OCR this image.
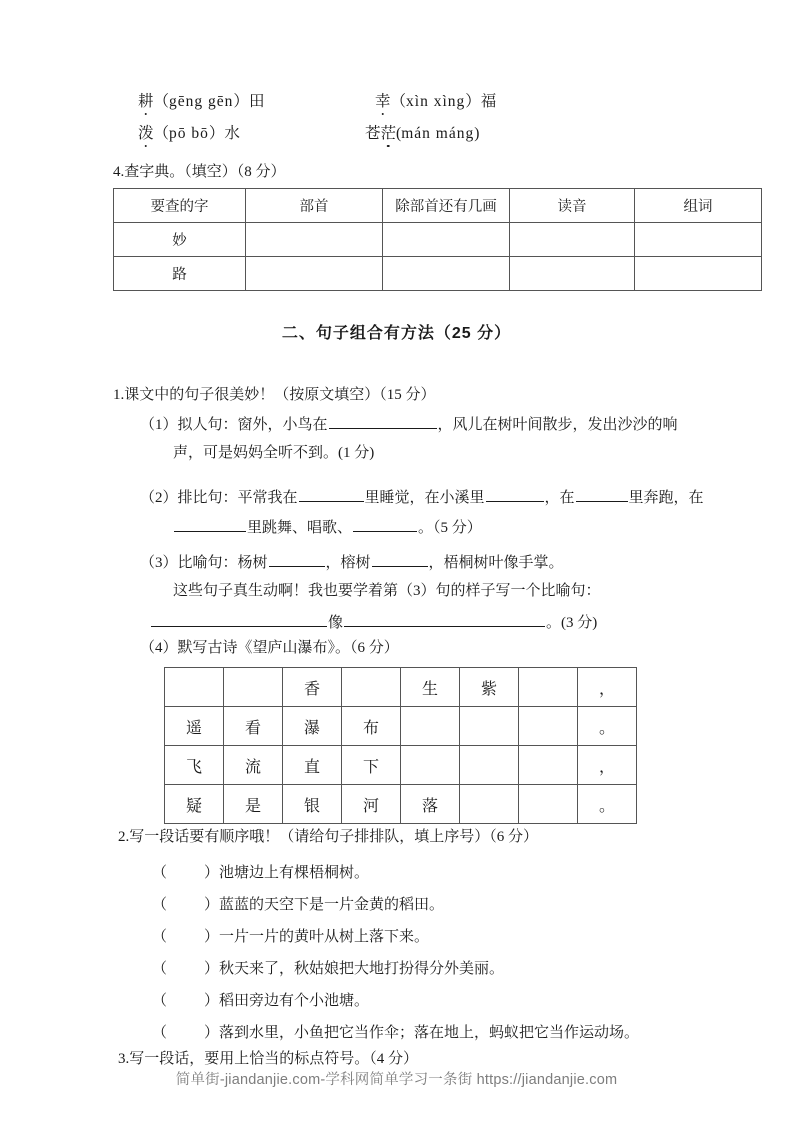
耕（gēng gēn）田	幸（xìn xìng）福
泼（pō bō）水	苍茫(mán máng)
4.查字典。（填空）（8 分）
要查的字	部首	除部首还有几画	读音	组词
妙				
路				
二、句子组合有方法（25 分）
1.课文中的句子很美妙！（按原文填空）（15 分）
（1）拟人句：窗外，小鸟在	，风儿在树叶间散步，发出沙沙的响
声，可是妈妈全听不到。(1 分)
（2）排比句：平常我在	里睡觉，在小溪里	，在	里奔跑，在
里跳舞、唱歌、	。（5 分）
（3）比喻句：杨树	，榕树	，梧桐树叶像手掌。
这些句子真生动啊！我也要学着第（3）句的样子写一个比喻句：
像	。(3 分)
（4）默写古诗《望庐山瀑布》。（6 分）
		香		生	紫		，
遥	看	瀑	布				。
飞	流	直	下				，
疑	是	银	河	落			。
2.写一段话要有顺序哦！（请给句子排排队，填上序号）（6 分）
（ ）池塘边上有棵梧桐树。
（ ）蓝蓝的天空下是一片金黄的稻田。
（ ）一片一片的黄叶从树上落下来。
（ ）秋天来了，秋姑娘把大地打扮得分外美丽。
（ ）稻田旁边有个小池塘。
（ ）落到水里，小鱼把它当作伞；落在地上，蚂蚁把它当作运动场。
3.写一段话，要用上恰当的标点符号。（4 分）
简单街-jiandanjie.com-学科网简单学习一条街 https://jiandanjie.com
